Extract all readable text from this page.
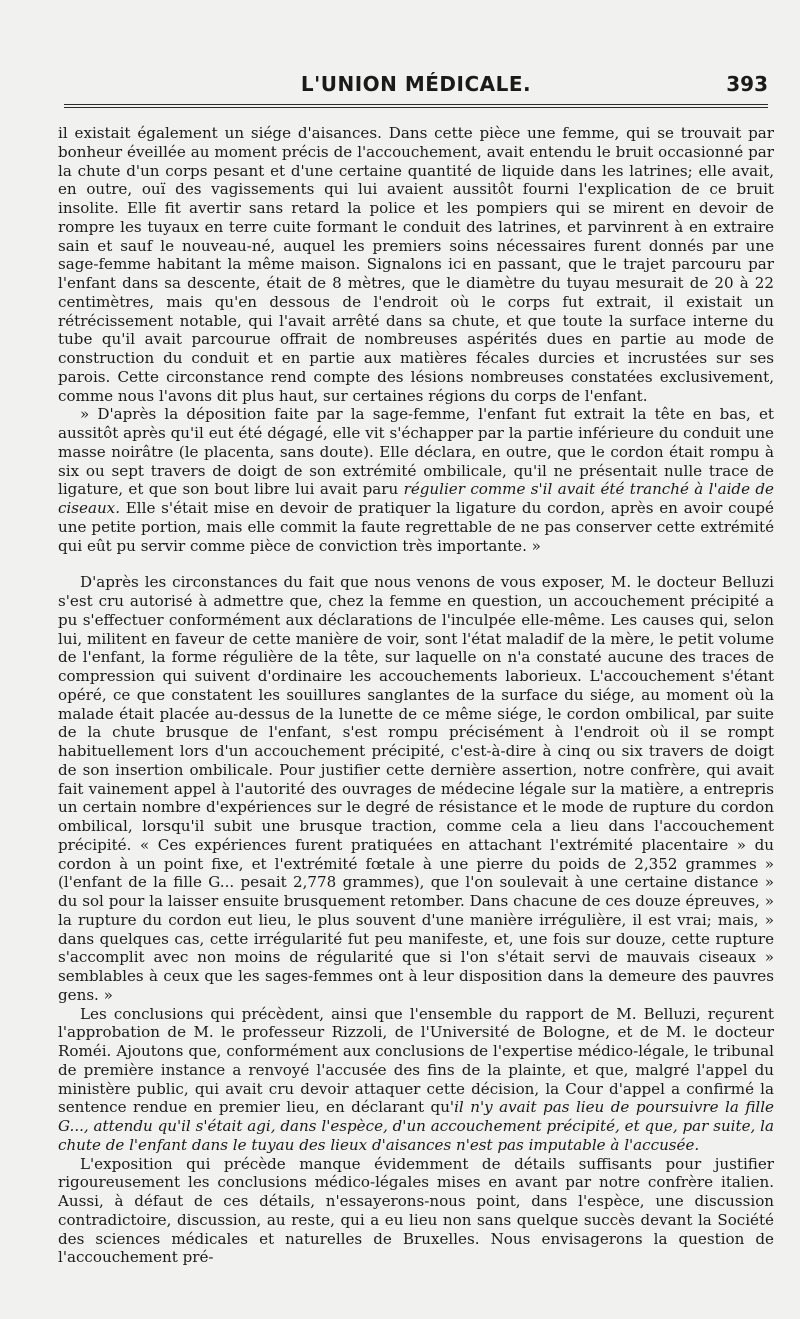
L'UNION MÉDICALE.	393

il existait également un siége d'aisances. Dans cette pièce une femme, qui se trouvait par bonheur éveillée au moment précis de l'accouchement, avait entendu le bruit occasionné par la chute d'un corps pesant et d'une certaine quantité de liquide dans les latrines; elle avait, en outre, ouï des vagissements qui lui avaient aussitôt fourni l'explication de ce bruit insolite. Elle fit avertir sans retard la police et les pompiers qui se mirent en devoir de rompre les tuyaux en terre cuite formant le conduit des latrines, et parvinrent à en extraire sain et sauf le nouveau-né, auquel les premiers soins nécessaires furent donnés par une sage-femme habitant la même maison. Signalons ici en passant, que le trajet parcouru par l'enfant dans sa descente, était de 8 mètres, que le diamètre du tuyau mesurait de 20 à 22 centimètres, mais qu'en dessous de l'endroit où le corps fut extrait, il existait un rétrécissement notable, qui l'avait arrêté dans sa chute, et que toute la surface interne du tube qu'il avait parcourue offrait de nombreuses aspérités dues en partie au mode de construction du conduit et en partie aux matières fécales durcies et incrustées sur ses parois. Cette circonstance rend compte des lésions nombreuses constatées exclusivement, comme nous l'avons dit plus haut, sur certaines régions du corps de l'enfant.

» D'après la déposition faite par la sage-femme, l'enfant fut extrait la tête en bas, et aussitôt après qu'il eut été dégagé, elle vit s'échapper par la partie inférieure du conduit une masse noirâtre (le placenta, sans doute). Elle déclara, en outre, que le cordon était rompu à six ou sept travers de doigt de son extrémité ombilicale, qu'il ne présentait nulle trace de ligature, et que son bout libre lui avait paru régulier comme s'il avait été tranché à l'aide de ciseaux. Elle s'était mise en devoir de pratiquer la ligature du cordon, après en avoir coupé une petite portion, mais elle commit la faute regrettable de ne pas conserver cette extrémité qui eût pu servir comme pièce de conviction très importante. »

D'après les circonstances du fait que nous venons de vous exposer, M. le docteur Belluzi s'est cru autorisé à admettre que, chez la femme en question, un accouchement précipité a pu s'effectuer conformément aux déclarations de l'inculpée elle-même. Les causes qui, selon lui, militent en faveur de cette manière de voir, sont l'état maladif de la mère, le petit volume de l'enfant, la forme régulière de la tête, sur laquelle on n'a constaté aucune des traces de compression qui suivent d'ordinaire les accouchements laborieux. L'accouchement s'étant opéré, ce que constatent les souillures sanglantes de la surface du siége, au moment où la malade était placée au-dessus de la lunette de ce même siége, le cordon ombilical, par suite de la chute brusque de l'enfant, s'est rompu précisément à l'endroit où il se rompt habituellement lors d'un accouchement précipité, c'est-à-dire à cinq ou six travers de doigt de son insertion ombilicale. Pour justifier cette dernière assertion, notre confrère, qui avait fait vainement appel à l'autorité des ouvrages de médecine légale sur la matière, a entrepris un certain nombre d'expériences sur le degré de résistance et le mode de rupture du cordon ombilical, lorsqu'il subit une brusque traction, comme cela a lieu dans l'accouchement précipité. « Ces expériences furent pratiquées en attachant l'extrémité placentaire » du cordon à un point fixe, et l'extrémité fœtale à une pierre du poids de 2,352 grammes » (l'enfant de la fille G... pesait 2,778 grammes), que l'on soulevait à une certaine distance » du sol pour la laisser ensuite brusquement retomber. Dans chacune de ces douze épreuves, » la rupture du cordon eut lieu, le plus souvent d'une manière irrégulière, il est vrai; mais, » dans quelques cas, cette irrégularité fut peu manifeste, et, une fois sur douze, cette rupture s'accomplit avec non moins de régularité que si l'on s'était servi de mauvais ciseaux » semblables à ceux que les sages-femmes ont à leur disposition dans la demeure des pauvres gens. »

Les conclusions qui précèdent, ainsi que l'ensemble du rapport de M. Belluzi, reçurent l'approbation de M. le professeur Rizzoli, de l'Université de Bologne, et de M. le docteur Roméi. Ajoutons que, conformément aux conclusions de l'expertise médico-légale, le tribunal de première instance a renvoyé l'accusée des fins de la plainte, et que, malgré l'appel du ministère public, qui avait cru devoir attaquer cette décision, la Cour d'appel a confirmé la sentence rendue en premier lieu, en déclarant qu'il n'y avait pas lieu de poursuivre la fille G..., attendu qu'il s'était agi, dans l'espèce, d'un accouchement précipité, et que, par suite, la chute de l'enfant dans le tuyau des lieux d'aisances n'est pas imputable à l'accusée.

L'exposition qui précède manque évidemment de détails suffisants pour justifier rigoureusement les conclusions médico-légales mises en avant par notre confrère italien. Aussi, à défaut de ces détails, n'essayerons-nous point, dans l'espèce, une discussion contradictoire, discussion, au reste, qui a eu lieu non sans quelque succès devant la Société des sciences médicales et naturelles de Bruxelles. Nous envisagerons la question de l'accouchement pré-
